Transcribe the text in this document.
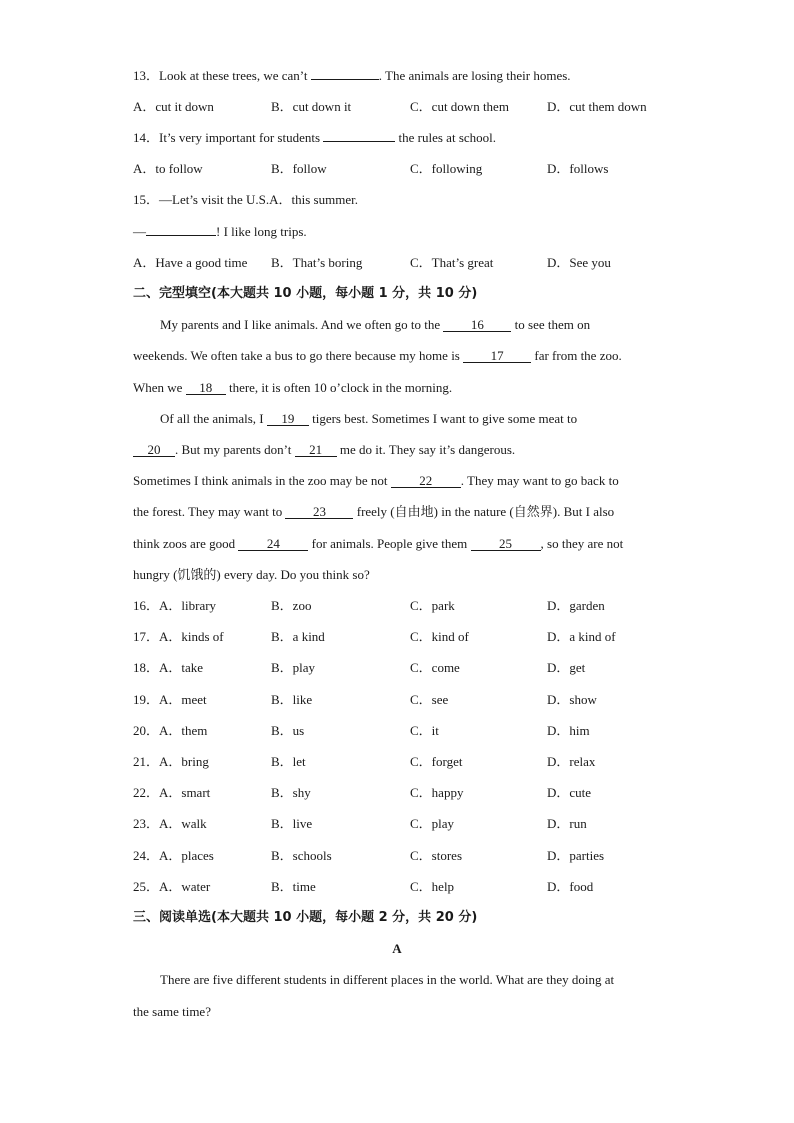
13．Look at these trees, we can’t	. The animals are losing their homes.
A．cut it down	B．cut down it	C．cut down them	D．cut them down
14．It’s very important for students	the rules at school.
A．to follow	B．follow	C．following	D．follows
15．—Let’s visit the U.S.A．this summer.
—	! I like long trips.
A．Have a good time B．That’s boring	C．That’s great	D．See you
二、完型填空(本大题共 10 小题，每小题 1 分，共 10 分)
My parents and I like animals. And we often go to the 16 to see them on
weekends. We often take a bus to go there because my home is 17 far from the zoo.
When we 18 there, it is often 10 o’clock in the morning.
Of all the animals, I 19 tigers best. Sometimes I want to give some meat to
20 . But my parents don’t 21 me do it. They say it’s dangerous.
Sometimes I think animals in the zoo may be not 22 . They may want to go back to
the forest. They may want to 23 freely (自由地) in the nature (自然界). But I also
think zoos are good 24 for animals. People give them 25 , so they are not
hungry (饥饿的) every day. Do you think so?
16．A．library	B．zoo	C．park	D．garden
17．A．kinds of	B．a kind	C．kind of	D．a kind of
18．A．take	B．play	C．come	D．get
19．A．meet	B．like	C．see	D．show
20．A．them	B．us	C．it	D．him
21．A．bring	B．let	C．forget	D．relax
22．A．smart	B．shy	C．happy	D．cute
23．A．walk	B．live	C．play	D．run
24．A．places	B．schools	C．stores	D．parties
25．A．water	B．time	C．help	D．food
三、阅读单选(本大题共 10 小题，每小题 2 分，共 20 分)
A
There are five different students in different places in the world. What are they doing at
the same time?
